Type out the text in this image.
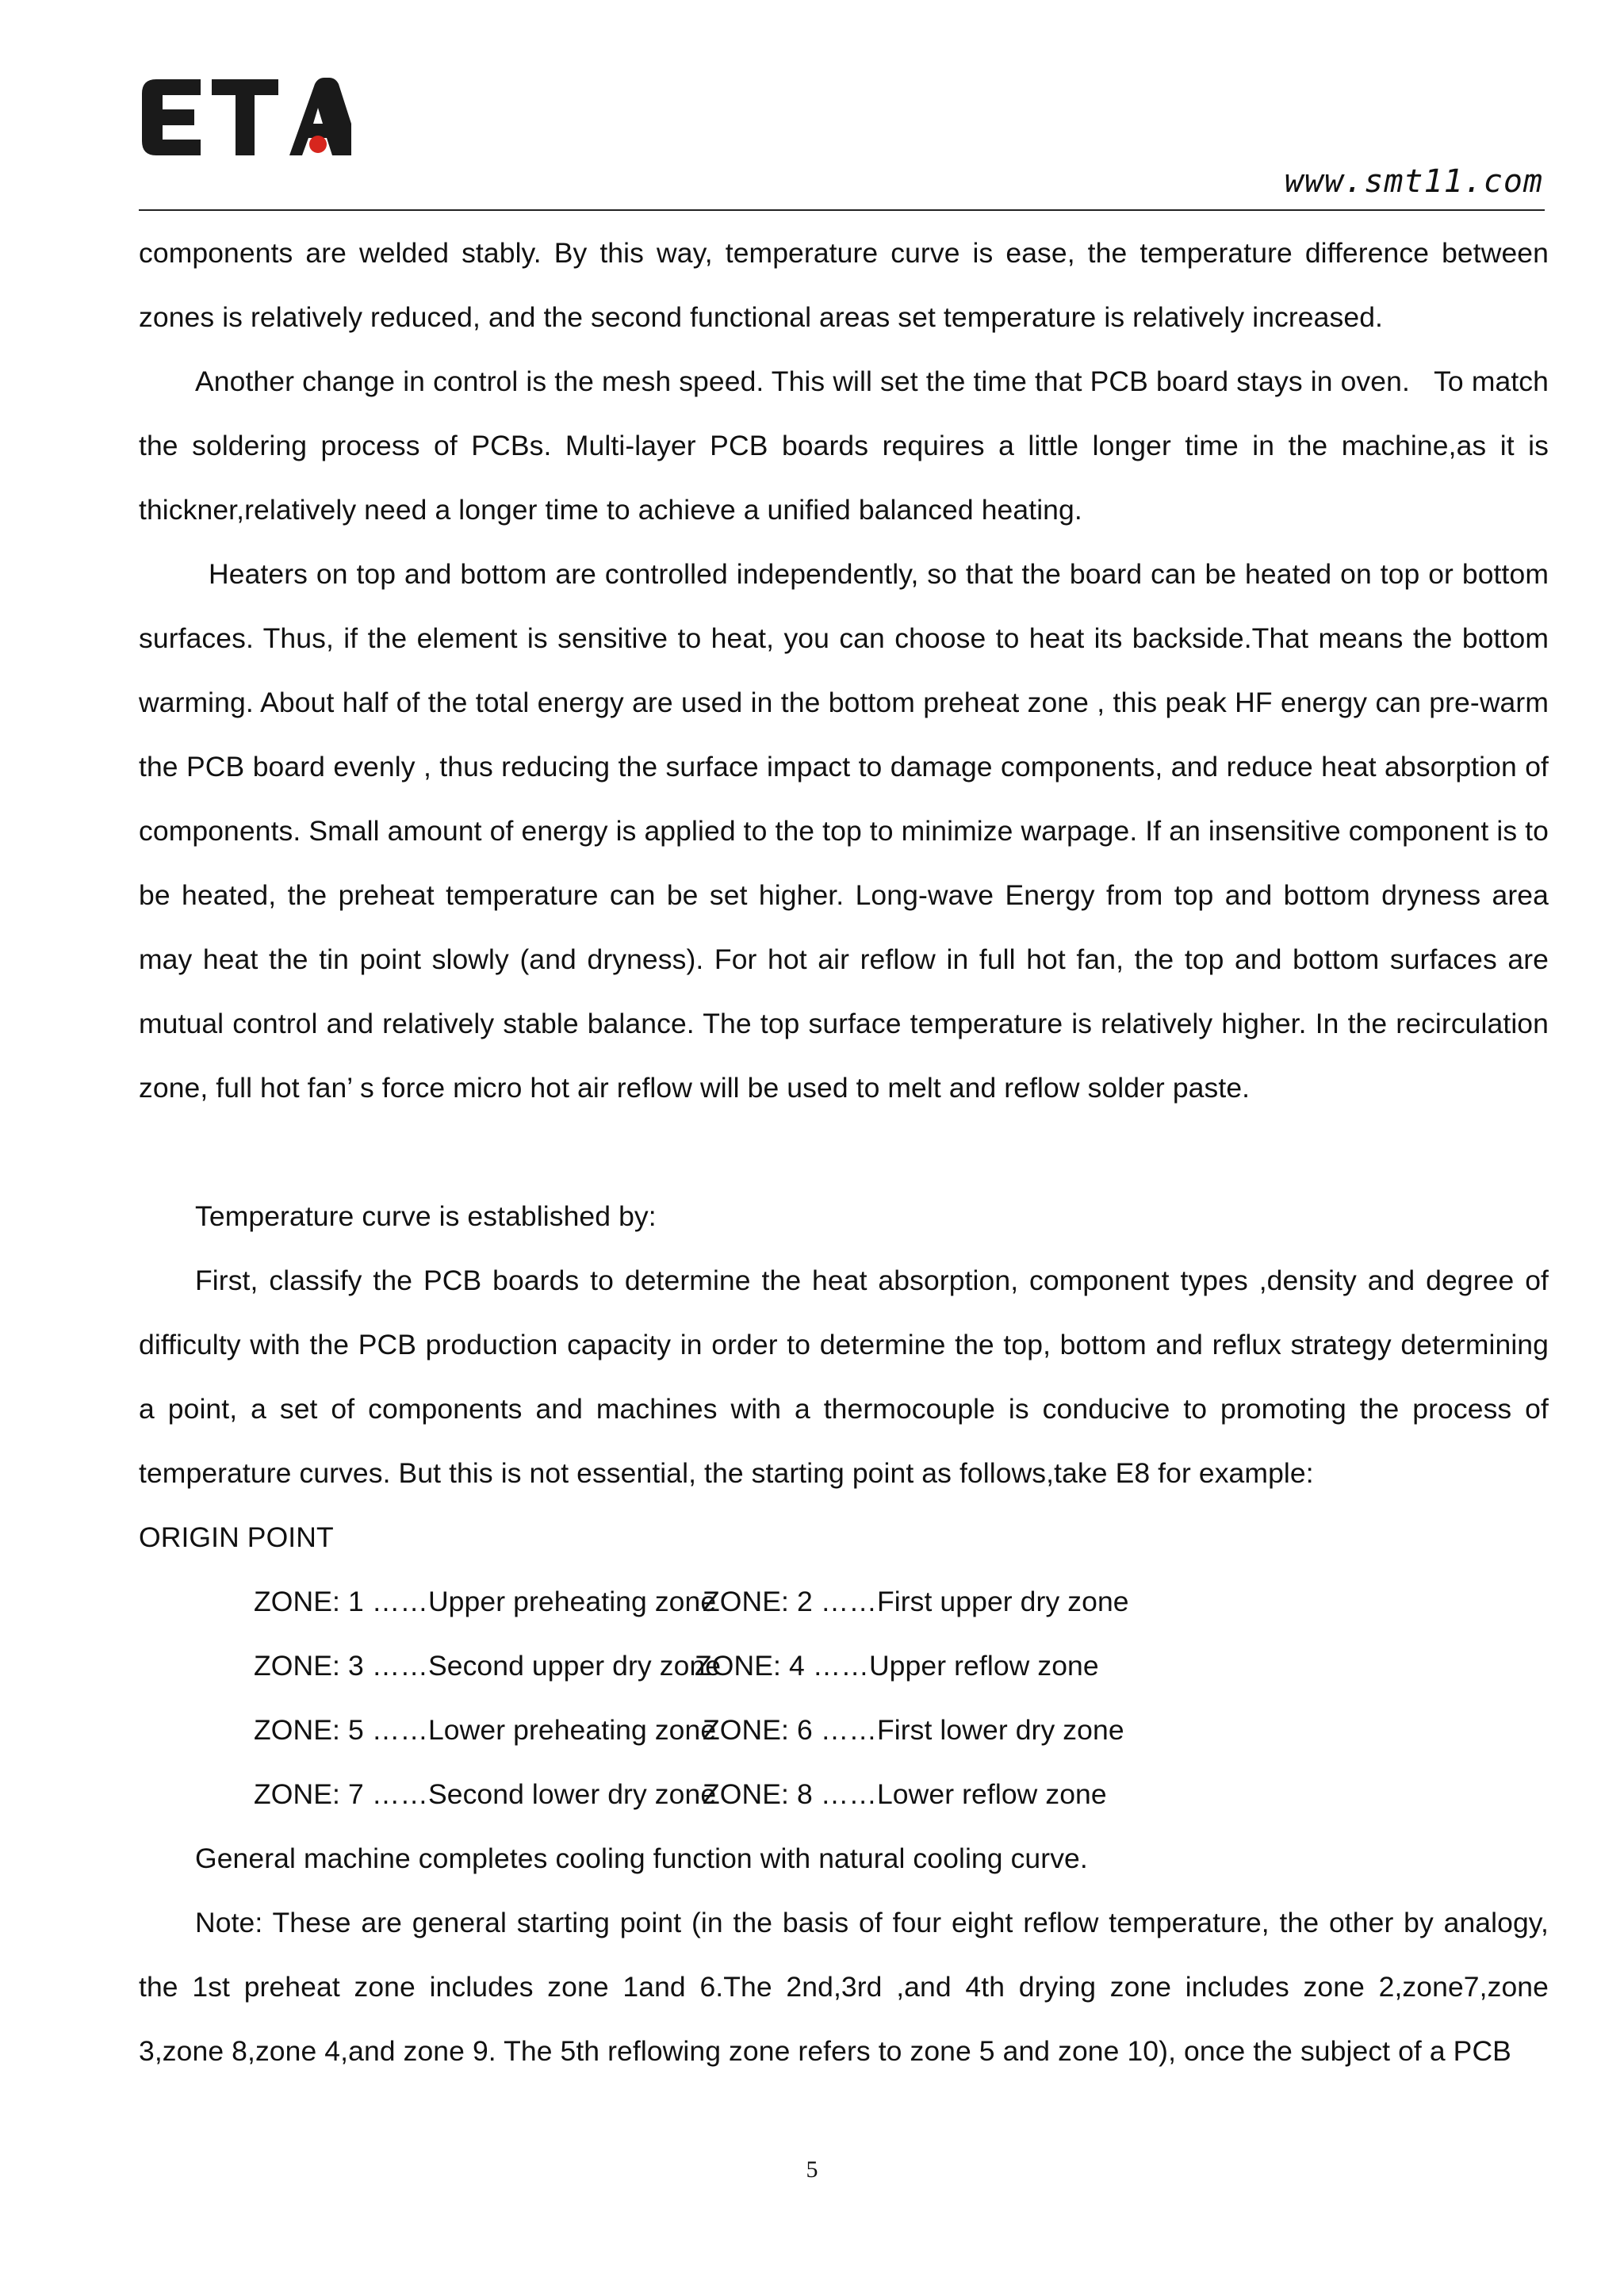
www.smt11.com

components are welded stably. By this way, temperature curve is ease, the temperature difference between zones is relatively reduced, and the second functional areas set temperature is relatively increased.

Another change in control is the mesh speed. This will set the time that PCB board stays in oven.   To match the soldering process of PCBs. Multi-layer PCB boards requires a little longer time in the machine,as it is thickner,relatively need a longer time to achieve a unified balanced heating.

Heaters on top and bottom are controlled independently, so that the board can be heated on top or bottom surfaces. Thus, if the element is sensitive to heat, you can choose to heat its backside.That means the bottom warming. About half of the total energy are used in the bottom preheat zone , this peak HF energy can pre-warm the PCB board evenly , thus reducing the surface impact to damage components, and reduce heat absorption of components. Small amount of energy is applied to the top to minimize warpage. If an insensitive component is to be heated, the preheat temperature can be set higher. Long-wave Energy from top and bottom dryness area may heat the tin point slowly (and dryness). For hot air reflow in full hot fan, the top and bottom surfaces are mutual control and relatively stable balance. The top surface temperature is relatively higher. In the recirculation zone, full hot fan’ s force micro hot air reflow will be used to melt and reflow solder paste.

Temperature curve is established by:

First, classify the PCB boards to determine the heat absorption, component types ,density and degree of difficulty with the PCB production capacity in order to determine the top, bottom and reflux strategy determining a point, a set of components and machines with a thermocouple is conducive to promoting the process of temperature curves. But this is not essential, the starting point as follows,take E8 for example:

ORIGIN POINT

ZONE: 1 ……Upper preheating zone
ZONE: 2 ……First upper dry zone
ZONE: 3 ……Second upper dry zone
ZONE: 4 ……Upper reflow zone
ZONE: 5 ……Lower preheating zone
ZONE: 6 ……First lower dry zone
ZONE: 7 ……Second lower dry zone
ZONE: 8 ……Lower reflow zone

General machine completes cooling function with natural cooling curve.

Note: These are general starting point (in the basis of four eight reflow temperature, the other by analogy, the 1st preheat zone includes zone 1and 6.The 2nd,3rd ,and 4th drying zone includes zone 2,zone7,zone 3,zone 8,zone 4,and zone 9. The 5th reflowing zone refers to zone 5 and zone 10), once the subject of a PCB

5
